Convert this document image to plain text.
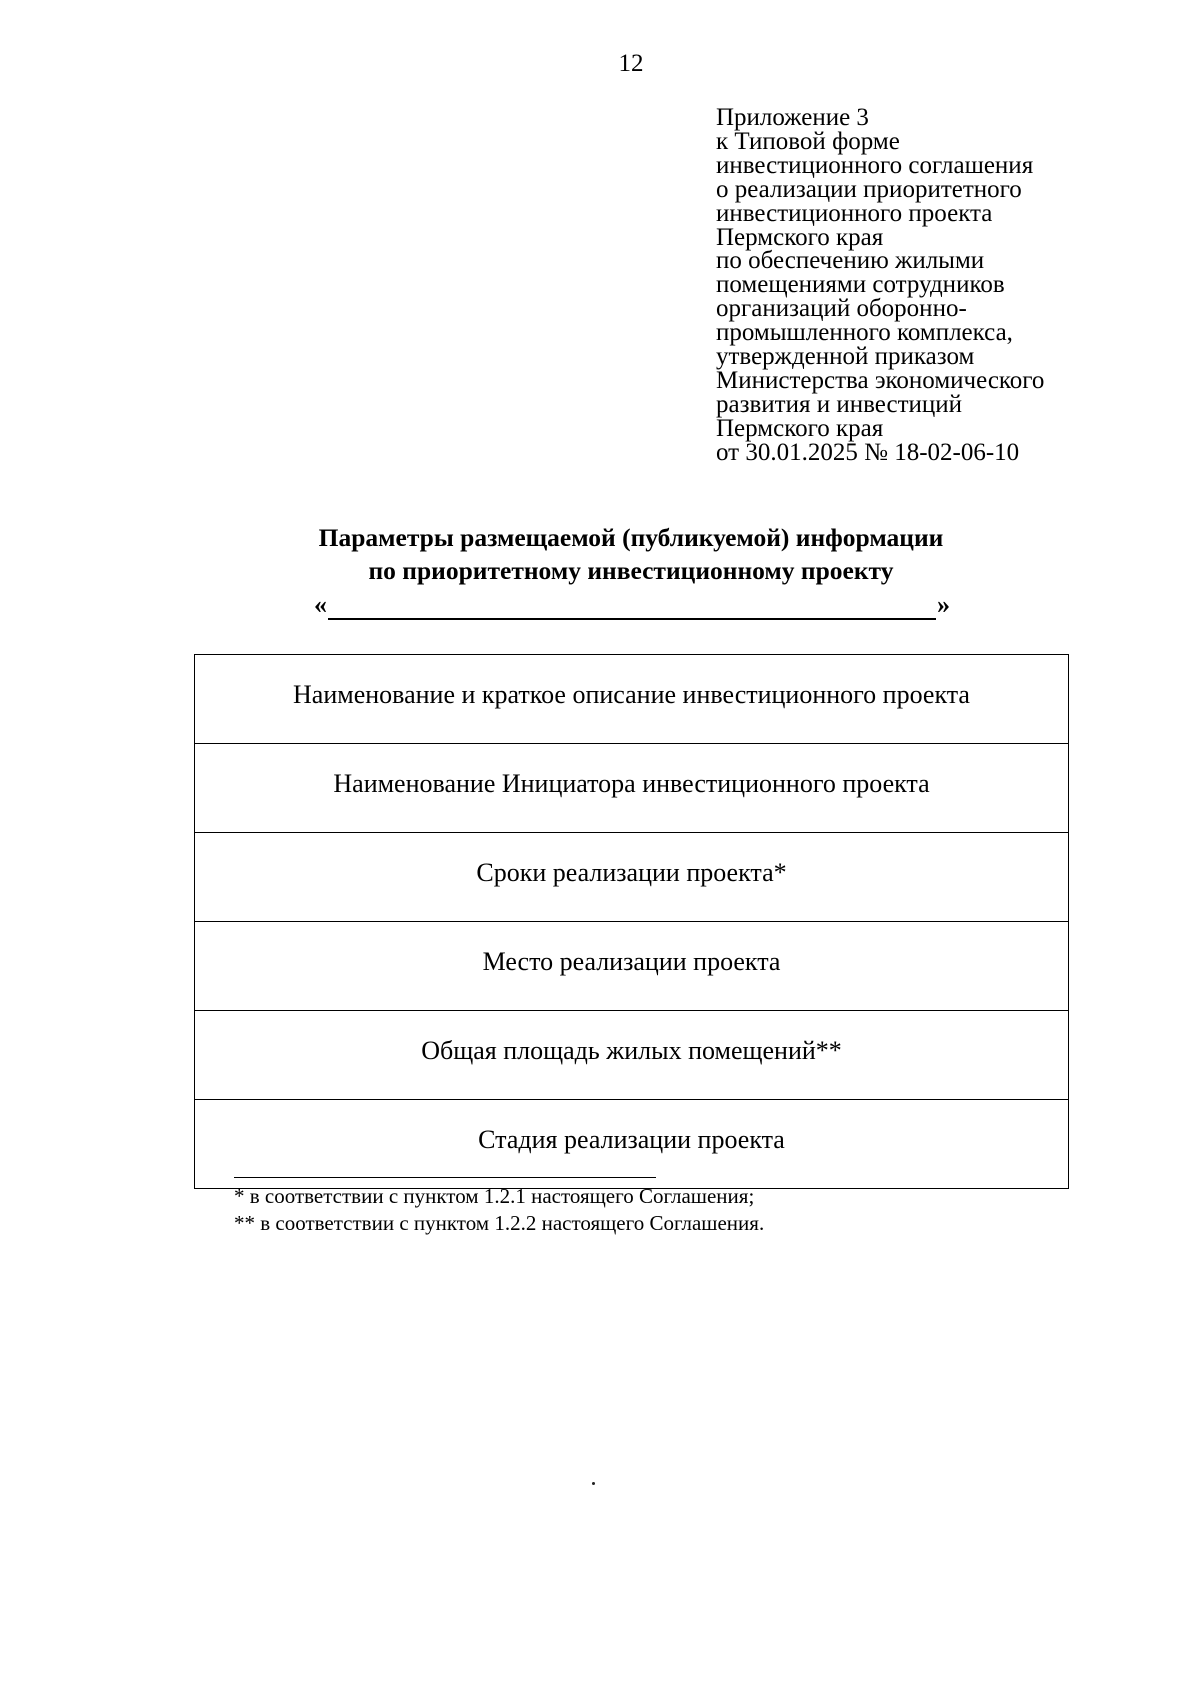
12
Приложение 3
к Типовой форме
инвестиционного соглашения
о реализации приоритетного
инвестиционного проекта
Пермского края
по обеспечению жилыми
помещениями сотрудников
организаций оборонно-
промышленного комплекса,
утвержденной приказом
Министерства экономического
развития и инвестиций
Пермского края
от 30.01.2025 № 18-02-06-10
Параметры размещаемой (публикуемой) информации
по приоритетному инвестиционному проекту
«	»
Наименование и краткое описание инвестиционного проекта
Наименование Инициатора инвестиционного проекта
Сроки реализации проекта*
Место реализации проекта
Общая площадь жилых помещений**
Стадия реализации проекта
* в соответствии с пунктом 1.2.1 настоящего Соглашения;
** в соответствии с пунктом 1.2.2 настоящего Соглашения.
